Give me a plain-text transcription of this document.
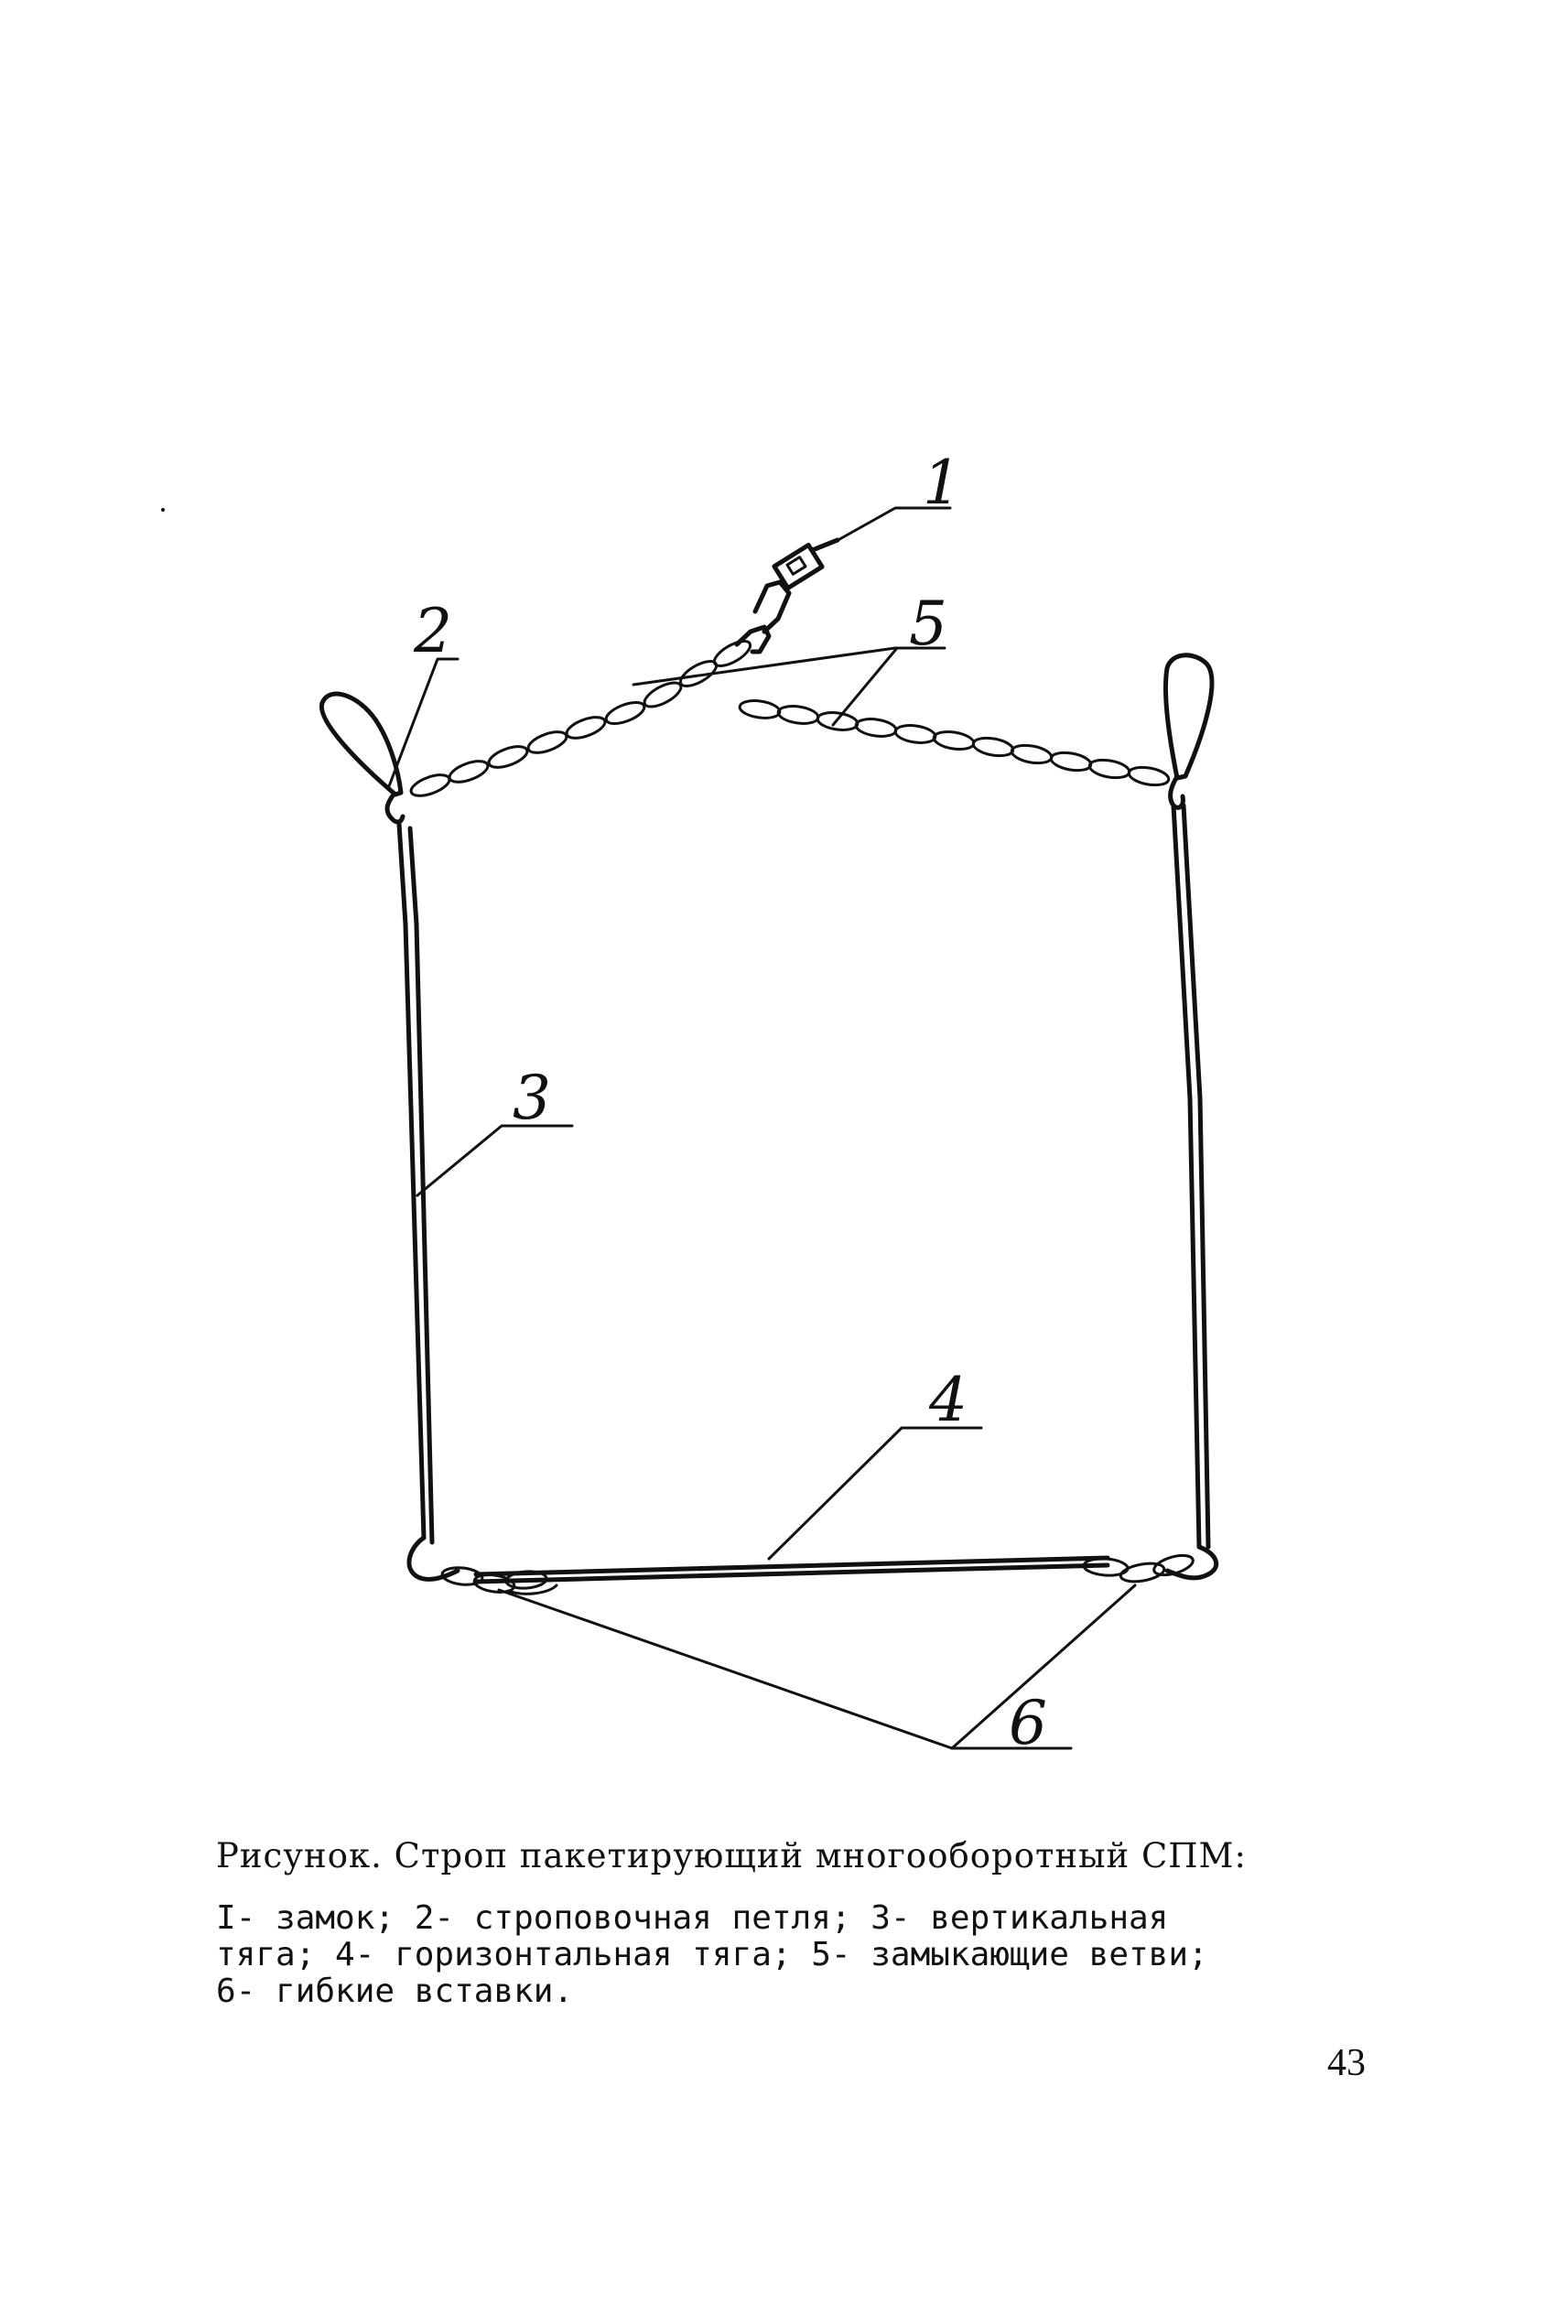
1
2
3
4
5
6
Рисунок. Строп пакетирующий многооборотный СПМ:
I- замок; 2- строповочная петля; 3- вертикальная
тяга; 4- горизонтальная тяга; 5- замыкающие ветви;
6- гибкие вставки.
43
